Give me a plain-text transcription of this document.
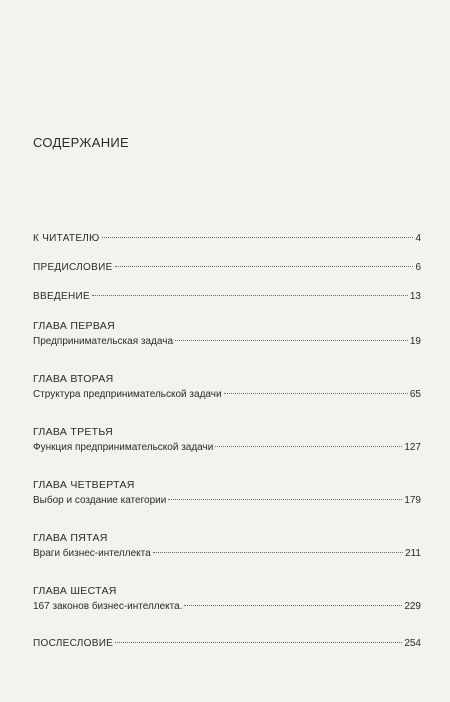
СОДЕРЖАНИЕ
К ЧИТАТЕЛЮ	4
ПРЕДИСЛОВИЕ	6
ВВЕДЕНИЕ	13
ГЛАВА ПЕРВАЯ
Предпринимательская задача	19
ГЛАВА ВТОРАЯ
Структура предпринимательской задачи	65
ГЛАВА ТРЕТЬЯ
Функция предпринимательской задачи	127
ГЛАВА ЧЕТВЕРТАЯ
Выбор и создание категории	179
ГЛАВА ПЯТАЯ
Враги бизнес-интеллекта	211
ГЛАВА ШЕСТАЯ
167 законов бизнес-интеллекта.	229
ПОСЛЕСЛОВИЕ	254
